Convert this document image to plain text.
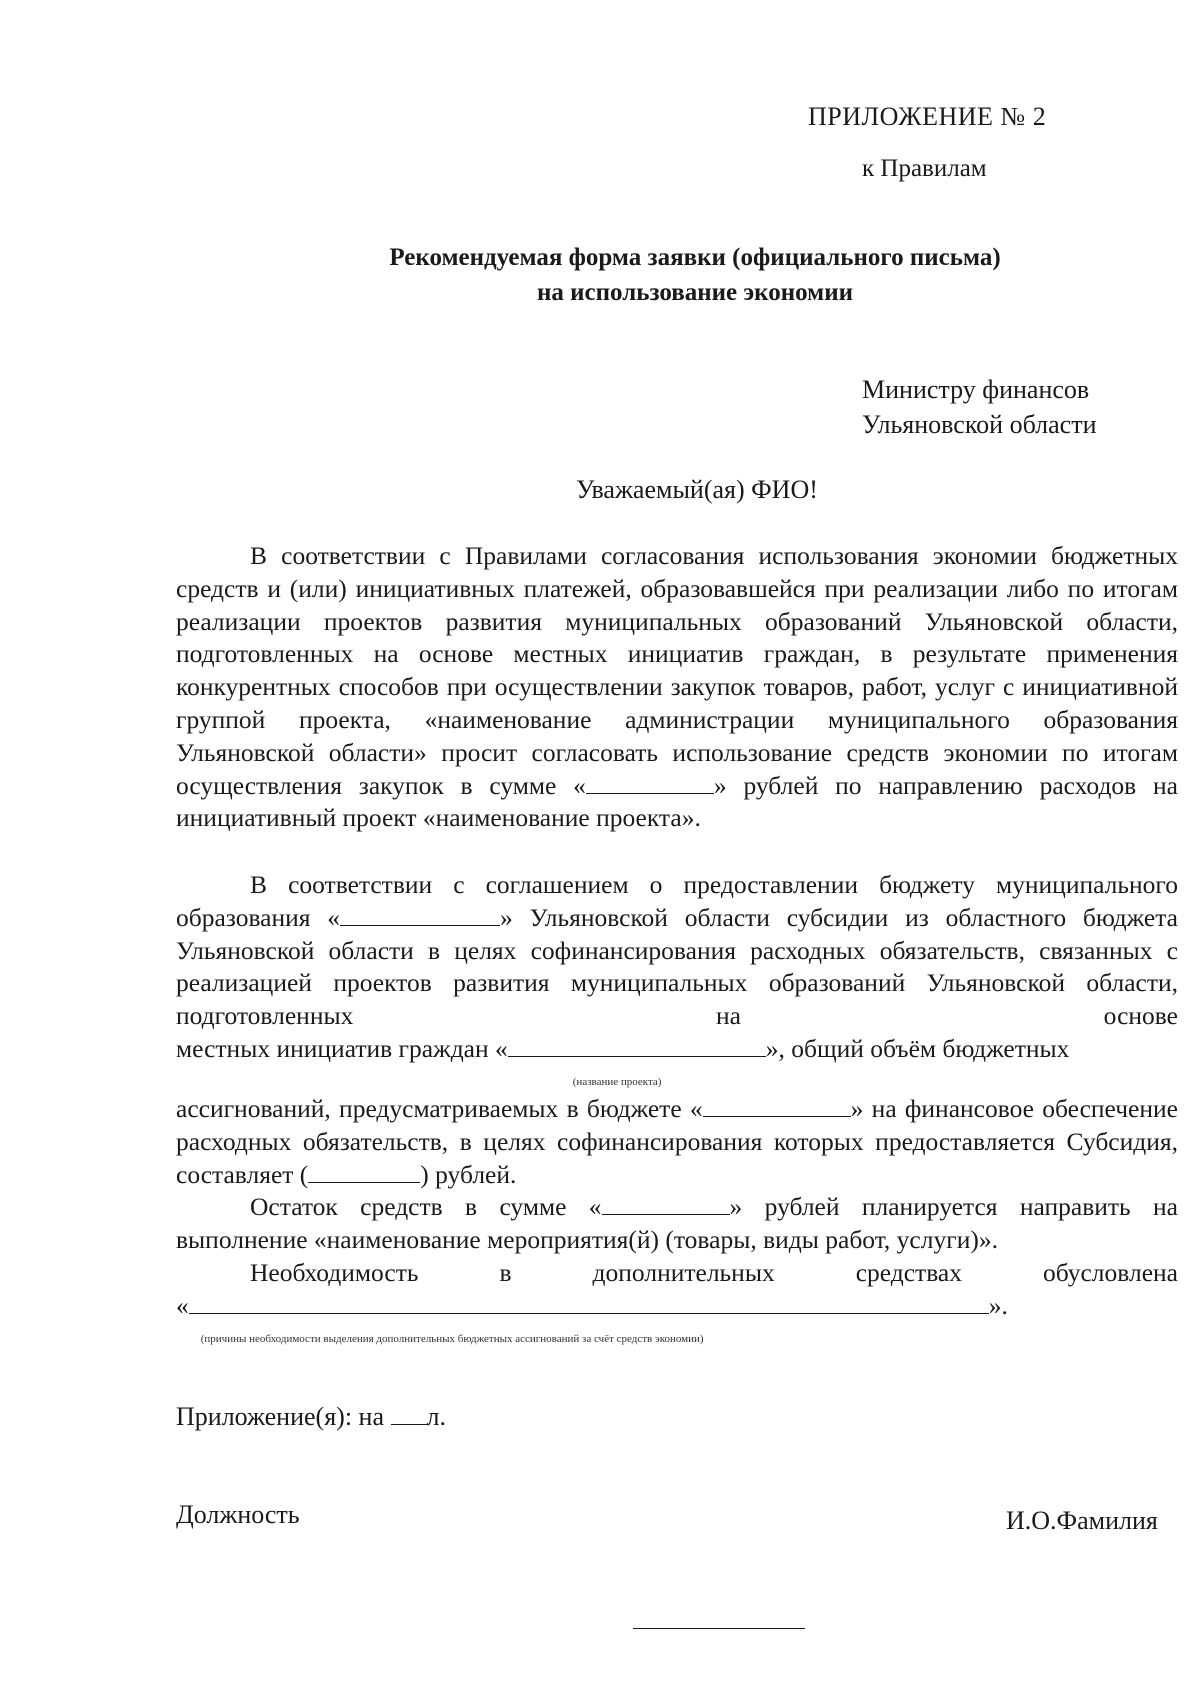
ПРИЛОЖЕНИЕ № 2
к Правилам
Рекомендуемая форма заявки (официального письма)
на использование экономии
Министру финансов
Ульяновской области
Уважаемый(ая) ФИО!

В соответствии с Правилами согласования использования экономии бюджетных средств и (или) инициативных платежей, образовавшейся при реализации либо по итогам реализации проектов развития муниципальных образований Ульяновской области, подготовленных на основе местных инициатив граждан, в результате применения конкурентных способов при осуществлении закупок товаров, работ, услуг с инициативной группой проекта, «наименование администрации муниципального образования Ульяновской области» просит согласовать использование средств экономии по итогам осуществления закупок в сумме «	» рублей по направлению расходов на инициативный проект «наименование проекта».

В соответствии с соглашением о предоставлении бюджету муниципального образования «	» Ульяновской области субсидии из областного бюджета Ульяновской области в целях софинансирования расходных обязательств, связанных с реализацией проектов развития муниципальных образований Ульяновской области, подготовленных на основе

местных инициатив граждан «
(название проекта)
», общий объём бюджетных

ассигнований, предусматриваемых в бюджете «	» на финансовое обеспечение расходных обязательств, в целях софинансирования которых предоставляется Субсидия, составляет (	) рублей.

Остаток средств в сумме «	» рублей планируется направить на выполнение «наименование мероприятия(й) (товары, виды работ, услуги)».

Необходимость в дополнительных средствах обусловлена

«
(причины необходимости выделения дополнительных бюджетных ассигнований за счёт средств экономии)
».
Приложение(я): на л.
Должность	И.О.Фамилия
